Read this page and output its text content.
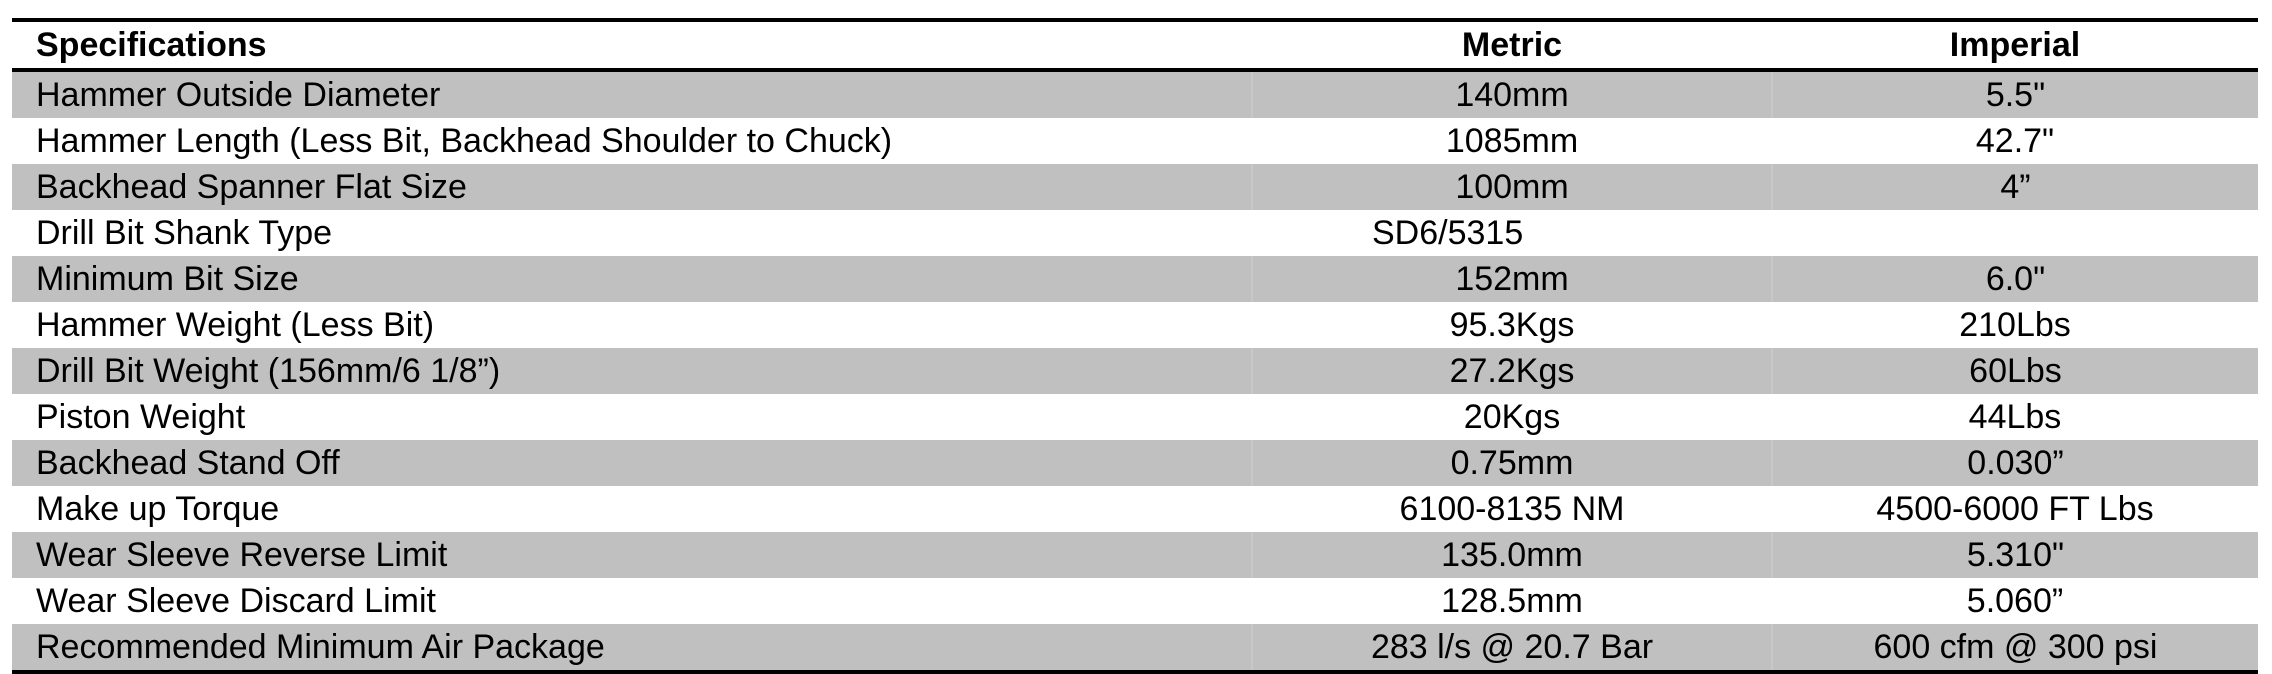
Specifications	Metric	Imperial
Hammer Outside Diameter	140mm	5.5"
Hammer Length (Less Bit, Backhead Shoulder to Chuck)	1085mm	42.7"
Backhead Spanner Flat Size	100mm	4”
Drill Bit Shank Type	SD6/5315	
Minimum Bit Size	152mm	6.0"
Hammer Weight (Less Bit)	95.3Kgs	210Lbs
Drill Bit Weight (156mm/6 1/8”)	27.2Kgs	60Lbs
Piston Weight	20Kgs	44Lbs
Backhead Stand Off	0.75mm	0.030”
Make up Torque	6100-8135 NM	4500-6000 FT Lbs
Wear Sleeve Reverse Limit	135.0mm	5.310"
Wear Sleeve Discard Limit	128.5mm	5.060”
Recommended Minimum Air Package	283 l/s @ 20.7 Bar	600 cfm @ 300 psi
